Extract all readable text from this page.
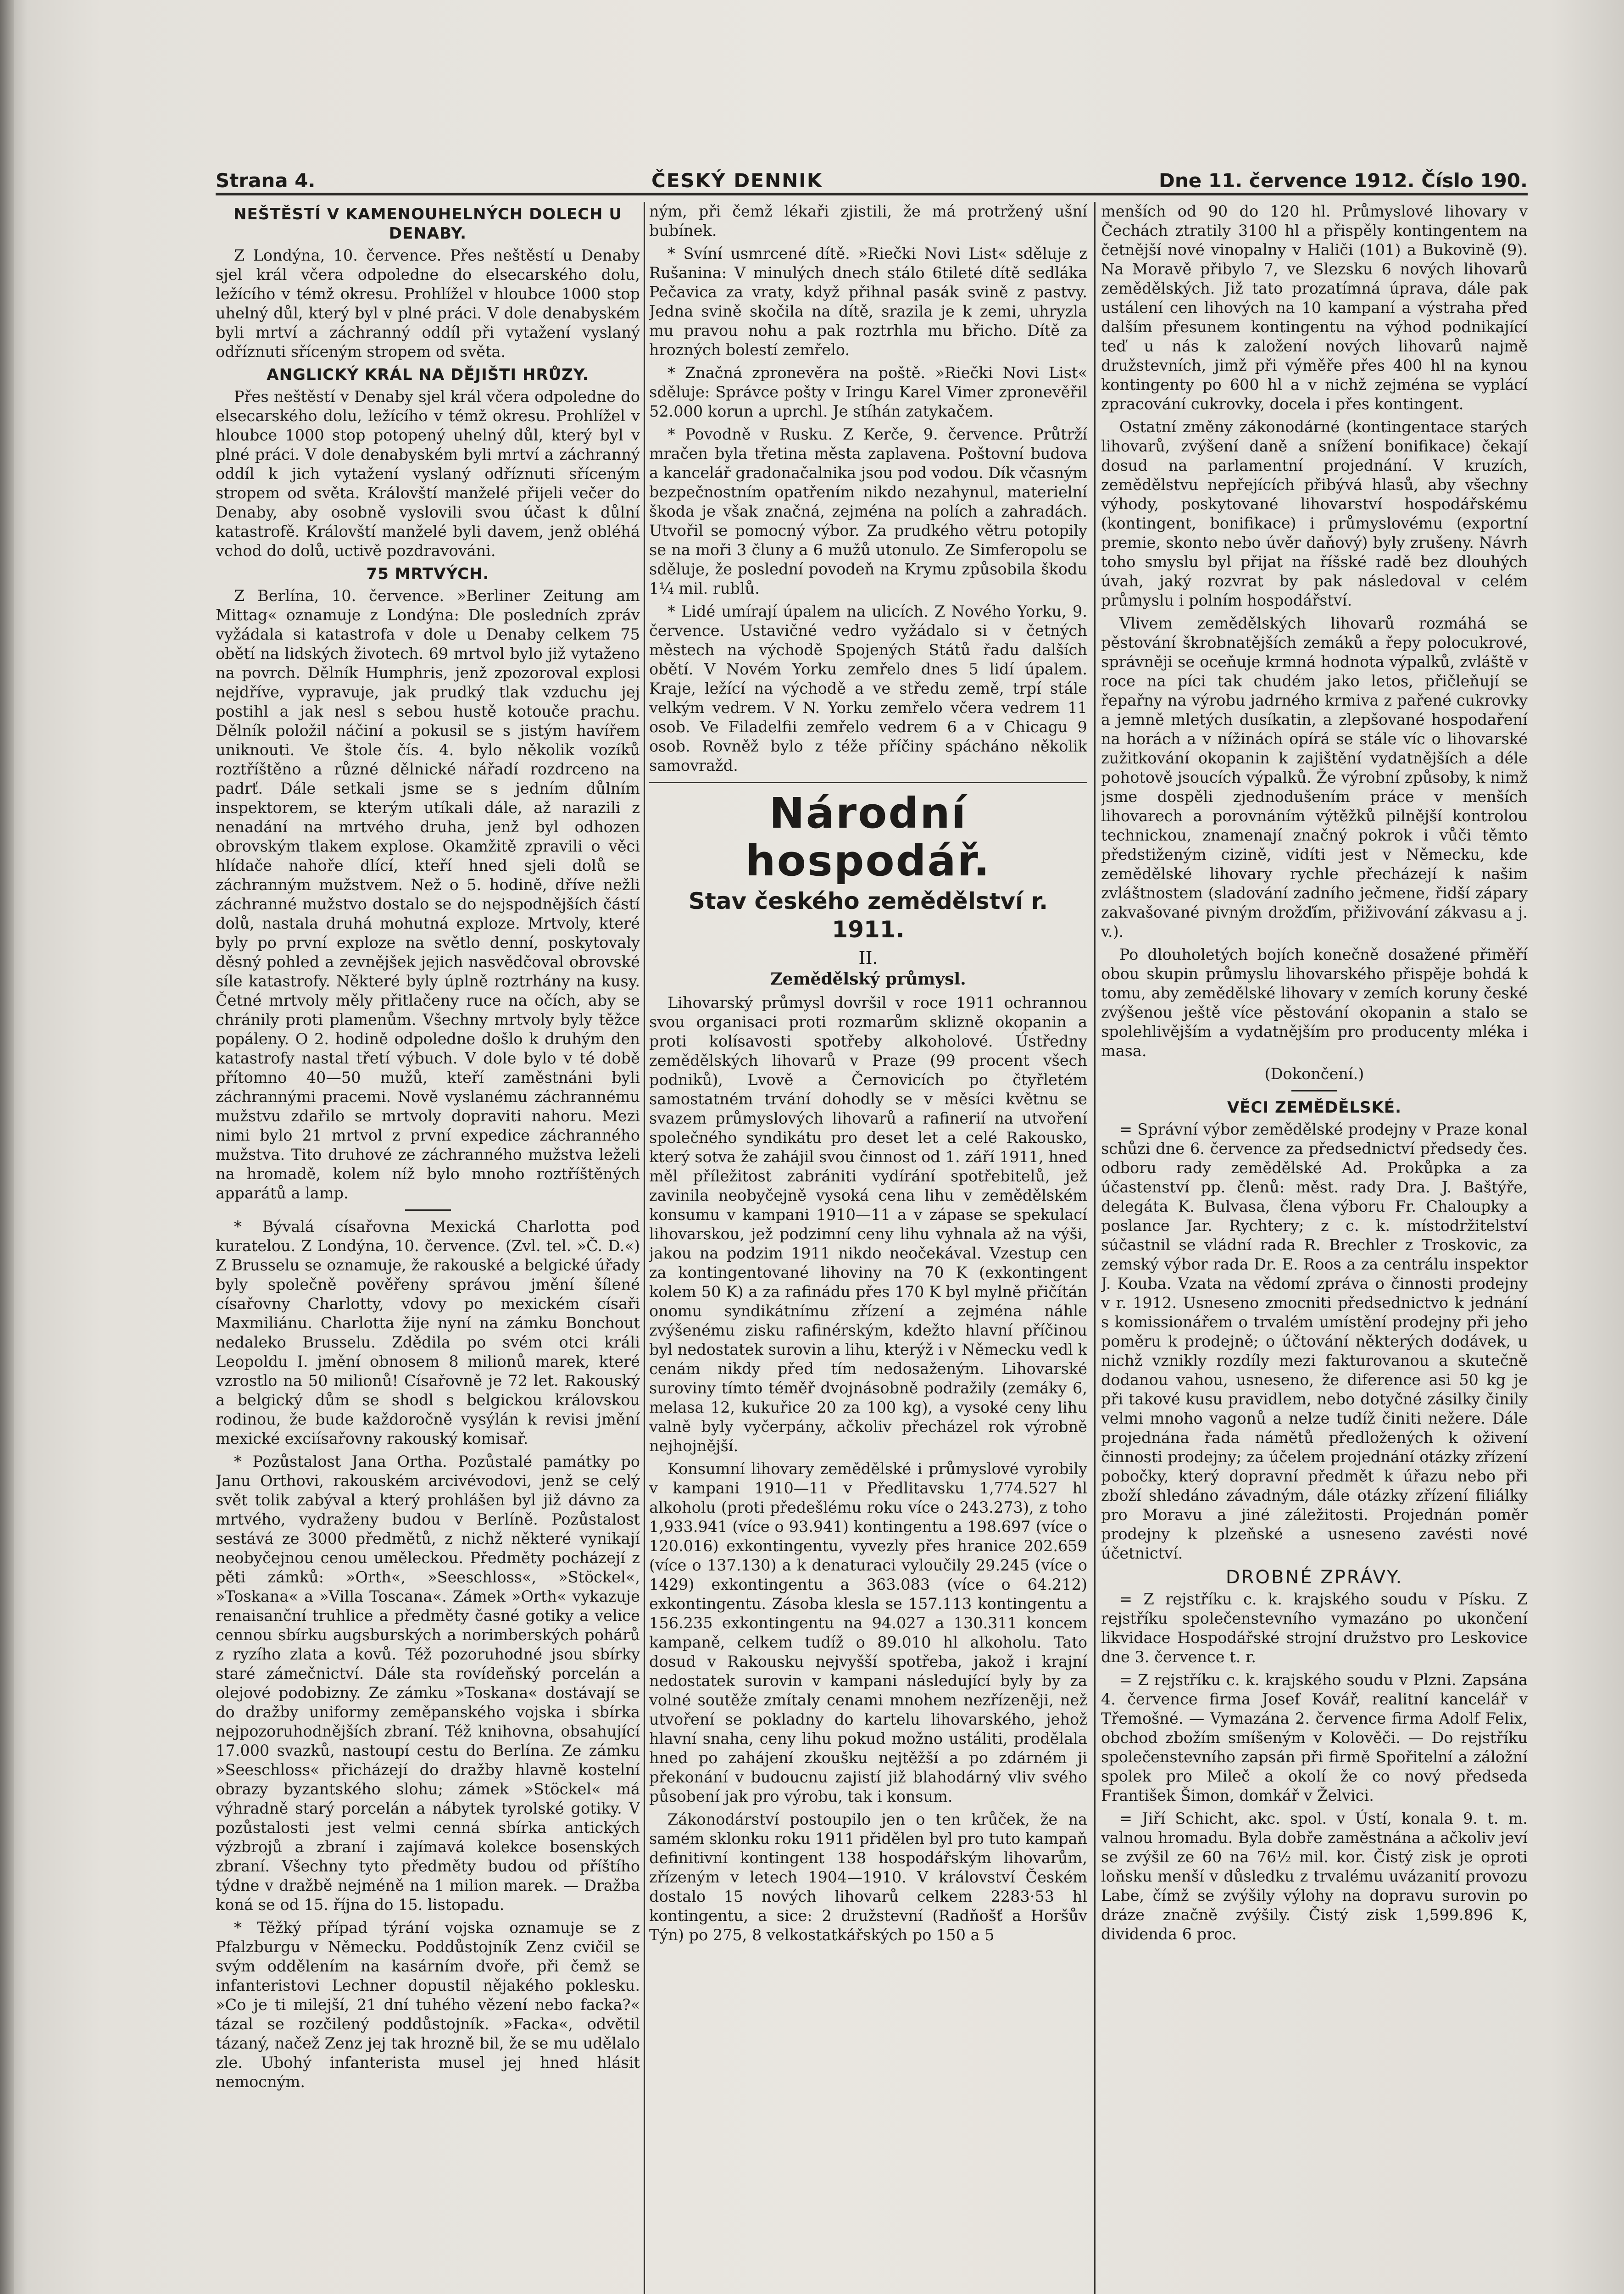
Strana 4.	ČESKÝ DENNIK	Dne 11. července 1912. Číslo 190.
NEŠTĚSTÍ V KAMENOUHELNÝCH DOLECH U DENABY.

Z Londýna, 10. července. Přes neštěstí u Denaby sjel král včera odpoledne do elsecarského dolu, ležícího v témž okresu. Prohlížel v hloubce 1000 stop uhelný důl, který byl v plné práci. V dole denabyském byli mrtví a záchranný oddíl při vytažení vyslaný odříznuti sříceným stropem od světa.

ANGLICKÝ KRÁL NA DĚJIŠTI HRŮZY.

Přes neštěstí v Denaby sjel král včera odpoledne do elsecarského dolu, ležícího v témž okresu. Prohlížel v hloubce 1000 stop potopený uhelný důl, který byl v plné práci. V dole denabyském byli mrtví a záchranný oddíl k jich vytažení vyslaný odříznuti sříceným stropem od světa. Královští manželé přijeli večer do Denaby, aby osobně vyslovili svou účast k důlní katastrofě. Královští manželé byli davem, jenž obléhá vchod do dolů, uctivě pozdravováni.

75 MRTVÝCH.

Z Berlína, 10. července. »Berliner Zeitung am Mittag« oznamuje z Londýna: Dle posledních zpráv vyžádala si katastrofa v dole u Denaby celkem 75 obětí na lidských životech. 69 mrtvol bylo již vytaženo na povrch. Dělník Humphris, jenž zpozoroval explosi nejdříve, vypravuje, jak prudký tlak vzduchu jej postihl a jak nesl s sebou hustě kotouče prachu. Dělník položil náčiní a pokusil se s jistým havířem uniknouti. Ve štole čís. 4. bylo několik vozíků roztříštěno a různé dělnické nářadí rozdrceno na padrť. Dále setkali jsme se s jedním důlním inspektorem, se kterým utíkali dále, až narazili z nenadání na mrtvého druha, jenž byl odhozen obrovským tlakem explose. Okamžitě zpravili o věci hlídače nahoře dlící, kteří hned sjeli dolů se záchranným mužstvem. Než o 5. hodině, dříve nežli záchranné mužstvo dostalo se do nejspodnějších částí dolů, nastala druhá mohutná exploze. Mrtvoly, které byly po první exploze na světlo denní, poskytovaly děsný pohled a zevnějšek jejich nasvědčoval obrovské síle katastrofy. Některé byly úplně roztrhány na kusy. Četné mrtvoly měly přitlačeny ruce na očích, aby se chránily proti plamenům. Všechny mrtvoly byly těžce popáleny. O 2. hodině odpoledne došlo k druhým den katastrofy nastal třetí výbuch. V dole bylo v té době přítomno 40—50 mužů, kteří zaměstnáni byli záchrannými pracemi. Nově vyslanému záchrannému mužstvu zdařilo se mrtvoly dopraviti nahoru. Mezi nimi bylo 21 mrtvol z první expedice záchranného mužstva. Tito druhové ze záchranného mužstva leželi na hromadě, kolem níž bylo mnoho roztříštěných apparátů a lamp.

* Bývalá císařovna Mexická Charlotta pod kuratelou. Z Londýna, 10. července. (Zvl. tel. »Č. D.«) Z Brusselu se oznamuje, že rakouské a belgické úřady byly společně pověřeny správou jmění šílené císařovny Charlotty, vdovy po mexickém císaři Maxmiliánu. Charlotta žije nyní na zámku Bonchout nedaleko Brusselu. Zdědila po svém otci králi Leopoldu I. jmění obnosem 8 milionů marek, které vzrostlo na 50 milionů! Císařovně je 72 let. Rakouský a belgický dům se shodl s belgickou královskou rodinou, že bude každoročně vysýlán k revisi jmění mexické exciísařovny rakouský komisař.

* Pozůstalost Jana Ortha. Pozůstalé památky po Janu Orthovi, rakouském arcivévodovi, jenž se celý svět tolik zabýval a který prohlášen byl již dávno za mrtvého, vydraženy budou v Berlíně. Pozůstalost sestává ze 3000 předmětů, z nichž některé vynikají neobyčejnou cenou uměleckou. Předměty pocházejí z pěti zámků: »Orth«, »Seeschloss«, »Stöckel«, »Toskana« a »Villa Toscana«. Zámek »Orth« vykazuje renaisanční truhlice a předměty časné gotiky a velice cennou sbírku augsburských a norimberských pohárů z ryzího zlata a kovů. Též pozoruhodné jsou sbírky staré zámečnictví. Dále sta rovídeňský porcelán a olejové podobizny. Ze zámku »Toskana« dostávají se do dražby uniformy zeměpanského vojska i sbírka nejpozoruhodnějších zbraní. Též knihovna, obsahující 17.000 svazků, nastoupí cestu do Berlína. Ze zámku »Seeschloss« přicházejí do dražby hlavně kostelní obrazy byzantského slohu; zámek »Stöckel« má výhradně starý porcelán a nábytek tyrolské gotiky. V pozůstalosti jest velmi cenná sbírka antických výzbrojů a zbraní i zajímavá kolekce bosenských zbraní. Všechny tyto předměty budou od příštího týdne v dražbě nejméně na 1 milion marek. — Dražba koná se od 15. října do 15. listopadu.

* Těžký případ týrání vojska oznamuje se z Pfalzburgu v Německu. Poddůstojník Zenz cvičil se svým oddělením na kasárním dvoře, při čemž se infanteristovi Lechner dopustil nějakého poklesku. »Co je ti milejší, 21 dní tuhého vězení nebo facka?« tázal se rozčilený poddůstojník. »Facka«, odvětil tázaný, načež Zenz jej tak hrozně bil, že se mu udělalo zle. Ubohý infanterista musel jej hned hlásit nemocným.

ným, při čemž lékaři zjistili, že má protržený ušní bubínek.

* Svíní usmrcené dítě. »Riečki Novi List« sděluje z Rušanina: V minulých dnech stálo 6tileté dítě sedláka Pečavica za vraty, když přihnal pasák svině z pastvy. Jedna svině skočila na dítě, srazila je k zemi, uhryzla mu pravou nohu a pak roztrhla mu břicho. Dítě za hrozných bolestí zemřelo.

* Značná zpronevěra na poště. »Riečki Novi List« sděluje: Správce pošty v Iringu Karel Vimer zpronevěřil 52.000 korun a uprchl. Je stíhán zatykačem.

* Povodně v Rusku. Z Kerče, 9. července. Průtrží mračen byla třetina města zaplavena. Poštovní budova a kancelář gradonačalnika jsou pod vodou. Dík včasným bezpečnostním opatřením nikdo nezahynul, materielní škoda je však značná, zejména na polích a zahradách. Utvořil se pomocný výbor. Za prudkého větru potopily se na moři 3 čluny a 6 mužů utonulo. Ze Simferopolu se sděluje, že poslední povodeň na Krymu způsobila škodu 1¼ mil. rublů.

* Lidé umírají úpalem na ulicích. Z Nového Yorku, 9. července. Ustavičné vedro vyžádalo si v četných městech na východě Spojených Států řadu dalších obětí. V Novém Yorku zemřelo dnes 5 lidí úpalem. Kraje, ležící na východě a ve středu země, trpí stále velkým vedrem. V N. Yorku zemřelo včera vedrem 11 osob. Ve Filadelfii zemřelo vedrem 6 a v Chicagu 9 osob. Rovněž bylo z téže příčiny spácháno několik samovražd.

Národní hospodář.
Stav českého zemědělství r. 1911.
II.
Zemědělský průmysl.

Lihovarský průmysl dovršil v roce 1911 ochrannou svou organisaci proti rozmarům sklizně okopanin a proti kolísavosti spotřeby alkoholové. Ústředny zemědělských lihovarů v Praze (99 procent všech podniků), Lvově a Černovicích po čtyřletém samostatném trvání dohodly se v měsíci květnu se svazem průmyslových lihovarů a rafinerií na utvoření společného syndikátu pro deset let a celé Rakousko, který sotva že zahájil svou činnost od 1. září 1911, hned měl příležitost zabrániti vydírání spotřebitelů, jež zavinila neobyčejně vysoká cena lihu v zemědělském konsumu v kampani 1910—11 a v zápase se spekulací lihovarskou, jež podzimní ceny lihu vyhnala až na výši, jakou na podzim 1911 nikdo neočekával. Vzestup cen za kontingentované lihoviny na 70 K (exkontingent kolem 50 K) a za rafinádu přes 170 K byl mylně přičítán onomu syndikátnímu zřízení a zejména náhle zvýšenému zisku rafinérským, kdežto hlavní příčinou byl nedostatek surovin a lihu, kterýž i v Německu vedl k cenám nikdy před tím nedosaženým. Lihovarské suroviny tímto téměř dvojnásobně podražily (zemáky 6, melasa 12, kukuřice 20 za 100 kg), a vysoké ceny lihu valně byly vyčerpány, ačkoliv přecházel rok výrobně nejhojnější.

Konsumní lihovary zemědělské i průmyslové vyrobily v kampani 1910—11 v Předlitavsku 1,774.527 hl alkoholu (proti předešlému roku více o 243.273), z toho 1,933.941 (více o 93.941) kontingentu a 198.697 (více o 120.016) exkontingentu, vyvezly přes hranice 202.659 (více o 137.130) a k denaturaci vyloučily 29.245 (více o 1429) exkontingentu a 363.083 (více o 64.212) exkontingentu. Zásoba klesla se 157.113 kontingentu a 156.235 exkontingentu na 94.027 a 130.311 koncem kampaně, celkem tudíž o 89.010 hl alkoholu. Tato dosud v Rakousku nejvyšší spotřeba, jakož i krajní nedostatek surovin v kampani následující byly by za volné soutěže zmítaly cenami mnohem nezřízeněji, než utvoření se pokladny do kartelu lihovarského, jehož hlavní snaha, ceny lihu pokud možno ustáliti, prodělala hned po zahájení zkoušku nejtěžší a po zdárném ji překonání v budoucnu zajistí již blahodárný vliv svého působení jak pro výrobu, tak i konsum.

Zákonodárství postoupilo jen o ten krůček, že na samém sklonku roku 1911 přidělen byl pro tuto kampaň definitivní kontingent 138 hospodářským lihovarům, zřízeným v letech 1904—1910. V království Českém dostalo 15 nových lihovarů celkem 2283·53 hl kontingentu, a sice: 2 družstevní (Radňošť a Horšův Týn) po 275, 8 velkostatkářských po 150 a 5

menších od 90 do 120 hl. Průmyslové lihovary v Čechách ztratily 3100 hl a přispěly kontingentem na četnější nové vinopalny v Haliči (101) a Bukovině (9). Na Moravě přibylo 7, ve Slezsku 6 nových lihovarů zemědělských. Již tato prozatímná úprava, dále pak ustálení cen lihových na 10 kampaní a výstraha před dalším přesunem kontingentu na výhod podnikající teď u nás k založení nových lihovarů najmě družstevních, jimž při výměře přes 400 hl na kynou kontingenty po 600 hl a v nichž zejména se vyplácí zpracování cukrovky, docela i přes kontingent.

Ostatní změny zákonodárné (kontingentace starých lihovarů, zvýšení daně a snížení bonifikace) čekají dosud na parlamentní projednání. V kruzích, zemědělstvu nepřejících přibývá hlasů, aby všechny výhody, poskytované lihovarství hospodářskému (kontingent, bonifikace) i průmyslovému (exportní premie, skonto nebo úvěr daňový) byly zrušeny. Návrh toho smyslu byl přijat na říšské radě bez dlouhých úvah, jaký rozvrat by pak následoval v celém průmyslu i polním hospodářství.

Vlivem zemědělských lihovarů rozmáhá se pěstování škrobnatějších zemáků a řepy polocukrové, správněji se oceňuje krmná hodnota výpalků, zvláště v roce na píci tak chudém jako letos, přičleňují se řepařny na výrobu jadrného krmiva z pařené cukrovky a jemně mletých dusíkatin, a zlepšované hospodaření na horách a v nížinách opírá se stále víc o lihovarské zužitkování okopanin k zajištění vydatnějších a déle pohotově jsoucích výpalků. Že výrobní způsoby, k nimž jsme dospěli zjednodušením práce v menších lihovarech a porovnáním výtěžků pilnější kontrolou technickou, znamenají značný pokrok i vůči těmto předstiženým cizině, vidíti jest v Německu, kde zemědělské lihovary rychle přecházejí k našim zvláštnostem (sladování zadního ječmene, řidší zápary zakvašované pivným drožďím, přiživování zákvasu a j. v.).

Po dlouholetých bojích konečně dosažené přiměří obou skupin průmyslu lihovarského přispěje bohdá k tomu, aby zemědělské lihovary v zemích koruny české zvýšenou ještě více pěstování okopanin a stalo se spolehlivějším a vydatnějším pro producenty mléka i masa.

(Dokončení.)
VĚCI ZEMĚDĚLSKÉ.

= Správní výbor zemědělské prodejny v Praze konal schůzi dne 6. července za předsednictví předsedy čes. odboru rady zemědělské Ad. Prokůpka a za účastenství pp. členů: měst. rady Dra. J. Baštýře, delegáta K. Bulvasa, člena výboru Fr. Chaloupky a poslance Jar. Rychtery; z c. k. místodržitelství súčastnil se vládní rada R. Brechler z Troskovic, za zemský výbor rada Dr. E. Roos a za centrálu inspektor J. Kouba. Vzata na vědomí zpráva o činnosti prodejny v r. 1912. Usneseno zmocniti předsednictvo k jednání s komissionářem o trvalém umístění prodejny při jeho poměru k prodejně; o účtování některých dodávek, u nichž vznikly rozdíly mezi fakturovanou a skutečně dodanou vahou, usneseno, že diference asi 50 kg je při takové kusu pravidlem, nebo dotyčné zásilky činily velmi mnoho vagonů a nelze tudíž činiti nežere. Dále projednána řada námětů předložených k oživení činnosti prodejny; za účelem projednání otázky zřízení pobočky, který dopravní předmět k úřazu nebo při zboží shledáno závadným, dále otázky zřízení filiálky pro Moravu a jiné záležitosti. Projednán poměr prodejny k plzeňské a usneseno zavésti nové účetnictví.

DROBNÉ ZPRÁVY.

= Z rejstříku c. k. krajského soudu v Písku. Z rejstříku společenstevního vymazáno po ukončení likvidace Hospodářské strojní družstvo pro Leskovice dne 3. července t. r.

= Z rejstříku c. k. krajského soudu v Plzni. Zapsána 4. července firma Josef Kovář, realitní kancelář v Třemošné. — Vymazána 2. července firma Adolf Felix, obchod zbožím smíšeným v Kolověči. — Do rejstříku společenstevního zapsán při firmě Spořitelní a záložní spolek pro Mileč a okolí že co nový předseda František Šimon, domkář v Želvici.

= Jiří Schicht, akc. spol. v Ústí, konala 9. t. m. valnou hromadu. Byla dobře zaměstnána a ačkoliv jeví se zvýšil ze 60 na 76½ mil. kor. Čistý zisk je oproti loňsku menší v důsledku z trvalému uvázanití provozu Labe, čímž se zvýšily výlohy na dopravu surovin po dráze značně zvýšily. Čistý zisk 1,599.896 K, dividenda 6 proc.
